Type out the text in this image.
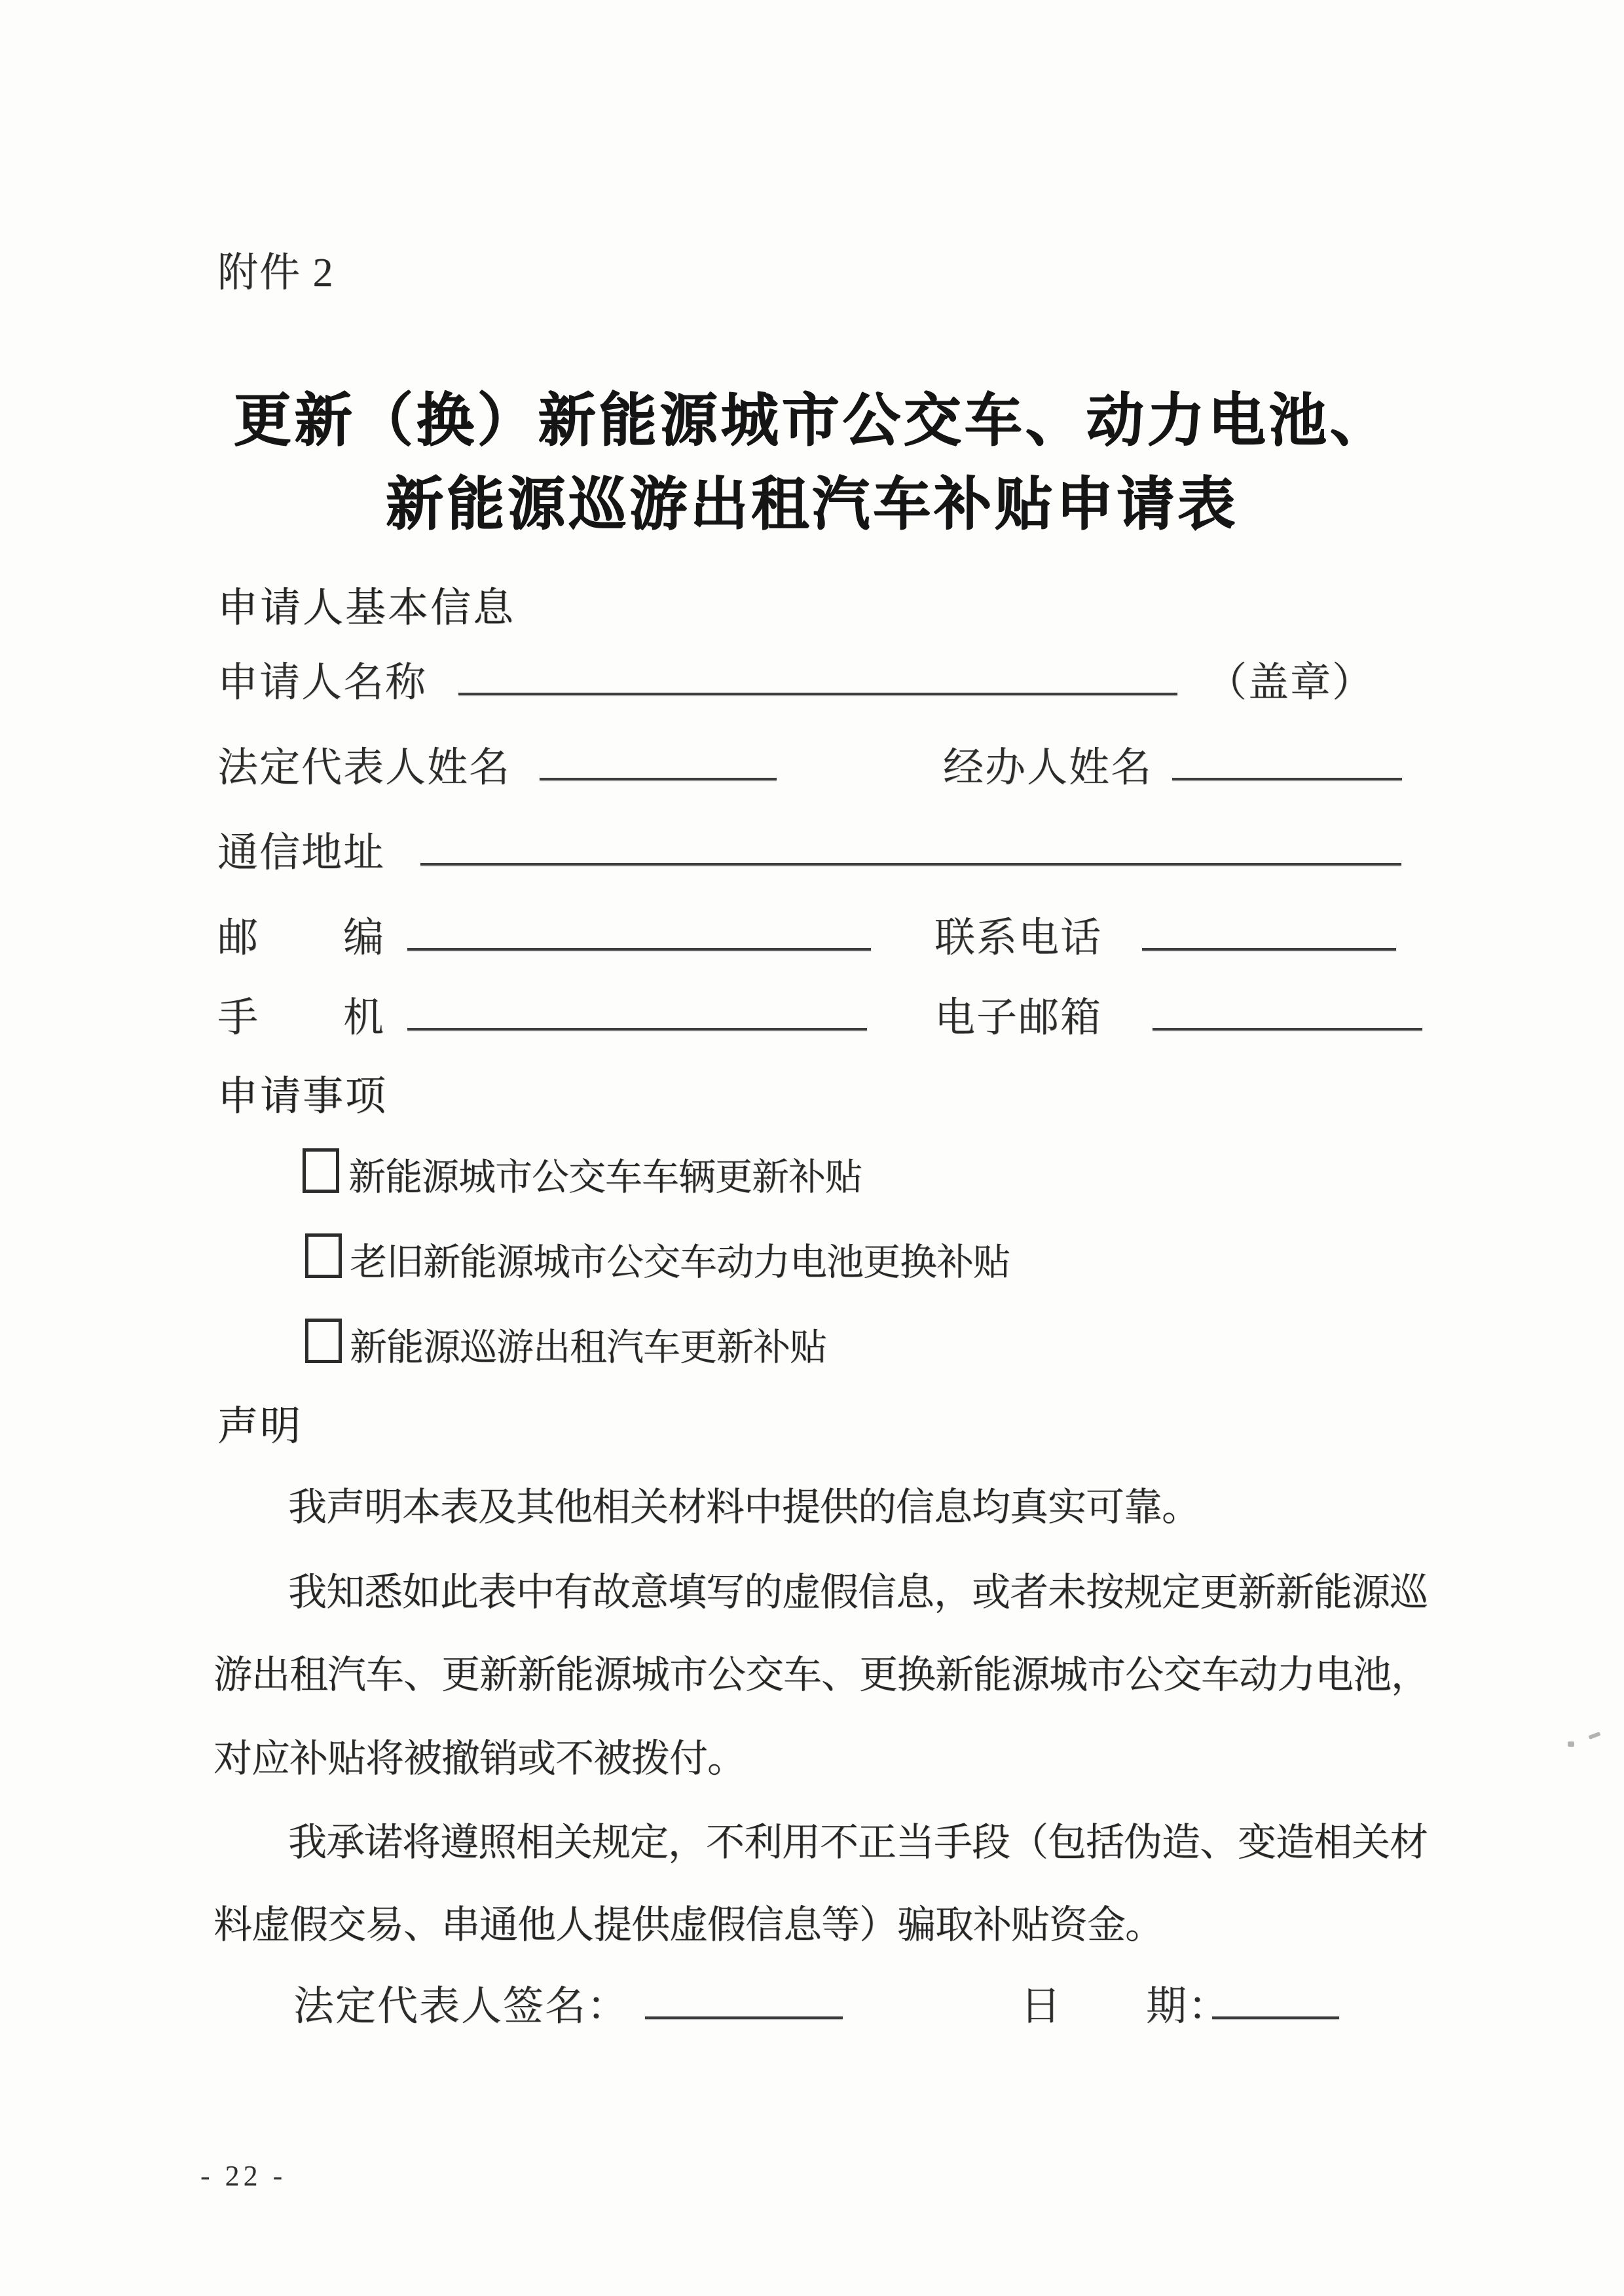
附件 2
更新（换）新能源城市公交车、动力电池、
新能源巡游出租汽车补贴申请表
申请人基本信息
申请人名称	（盖章）
法定代表人姓名	经办人姓名
通信地址
邮　　编	联系电话
手　　机	电子邮箱
申请事项
新能源城市公交车车辆更新补贴
老旧新能源城市公交车动力电池更换补贴
新能源巡游出租汽车更新补贴
声明
我声明本表及其他相关材料中提供的信息均真实可靠。
我知悉如此表中有故意填写的虚假信息，或者未按规定更新新能源巡
游出租汽车、更新新能源城市公交车、更换新能源城市公交车动力电池，
对应补贴将被撤销或不被拨付。
我承诺将遵照相关规定，不利用不正当手段（包括伪造、变造相关材
料虚假交易、串通他人提供虚假信息等）骗取补贴资金。
法定代表人签名：	日　　期：
- 22 -
